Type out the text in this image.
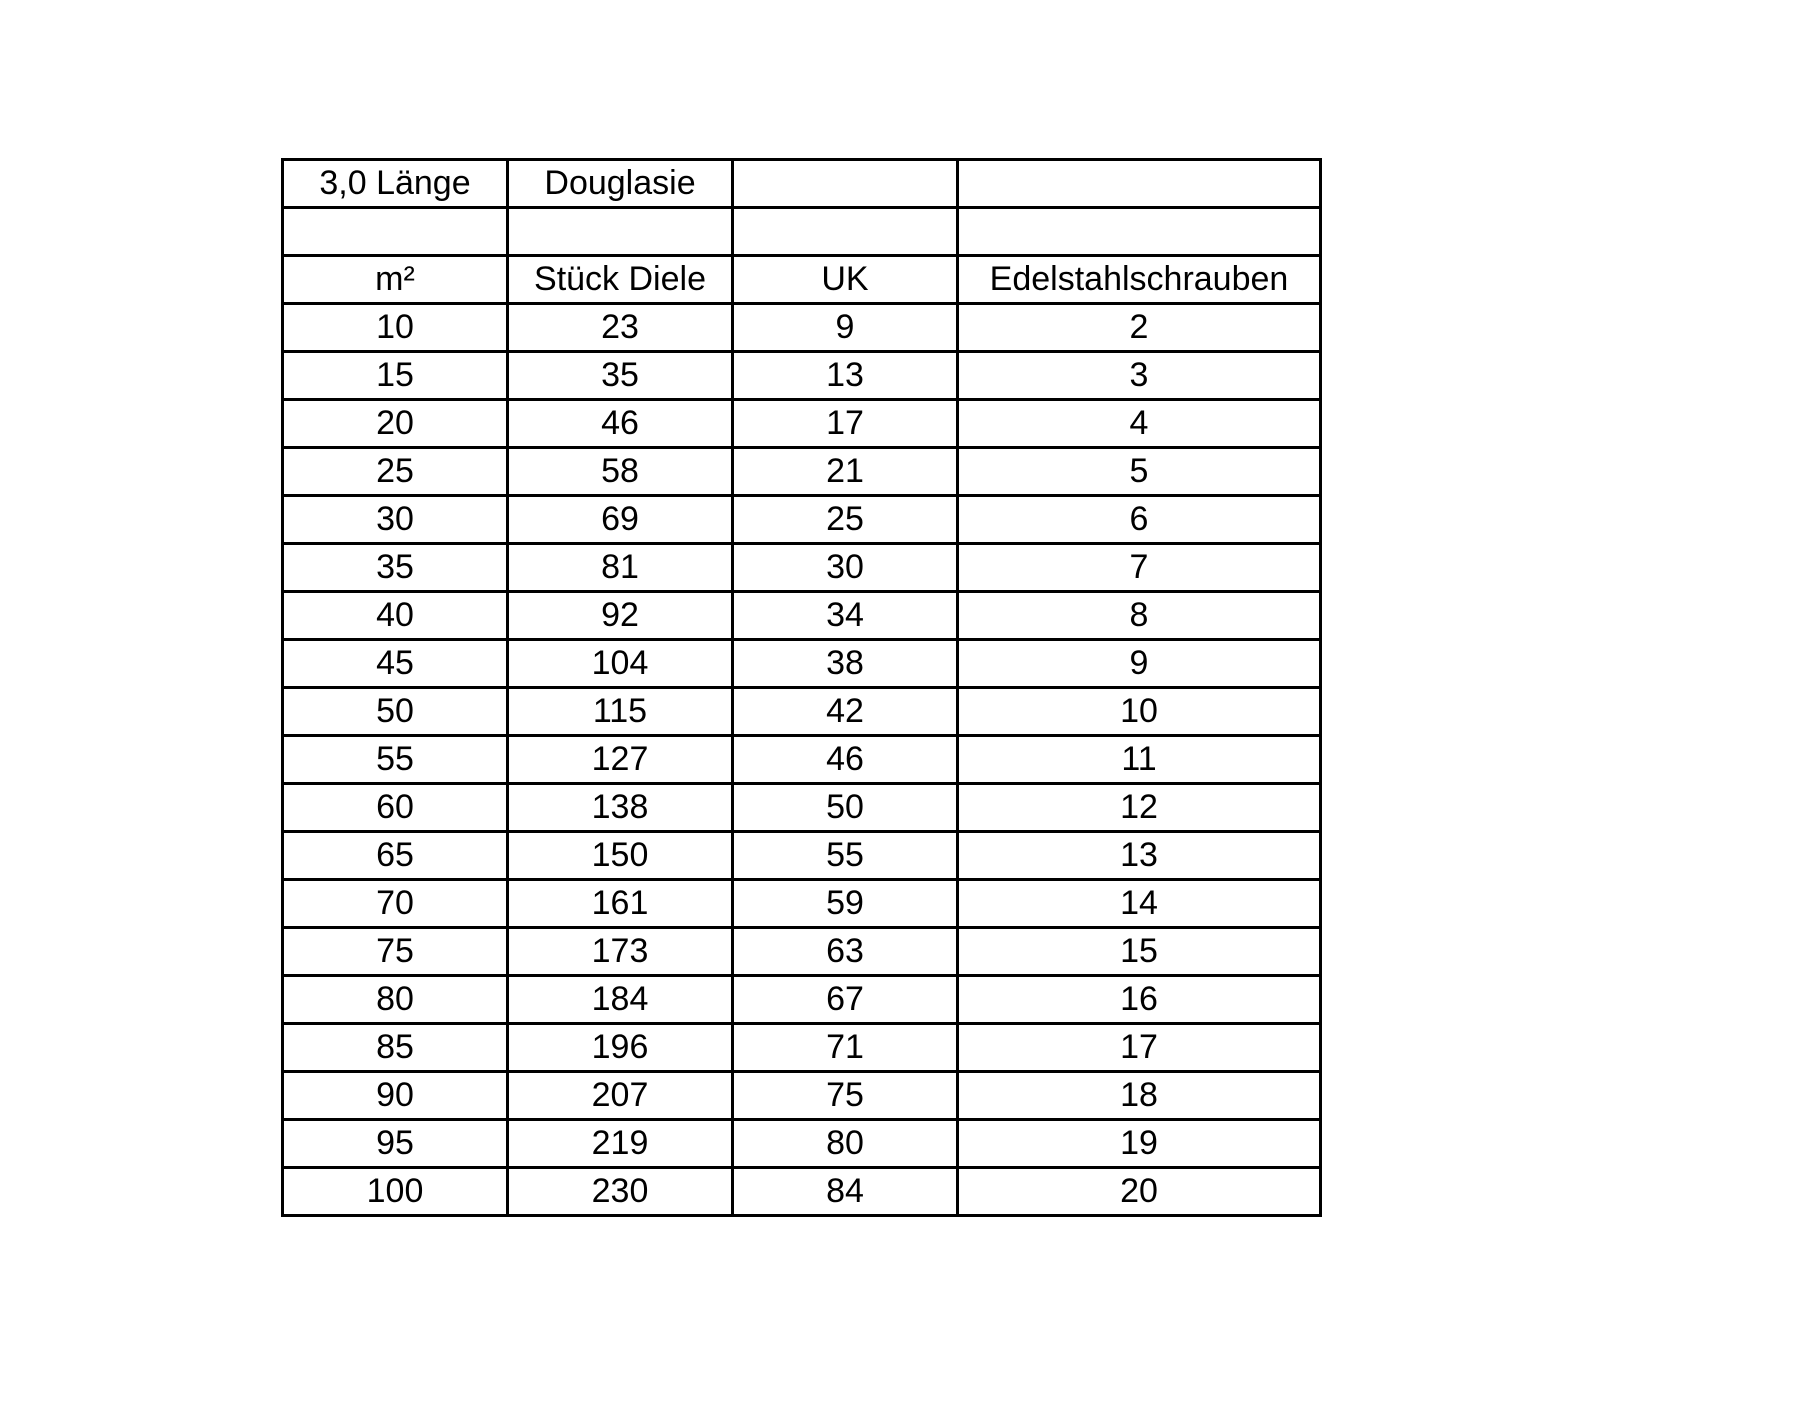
3,0 Länge	Douglasie		

m²	Stück Diele	UK	Edelstahlschrauben
10	23	9	2
15	35	13	3
20	46	17	4
25	58	21	5
30	69	25	6
35	81	30	7
40	92	34	8
45	104	38	9
50	115	42	10
55	127	46	11
60	138	50	12
65	150	55	13
70	161	59	14
75	173	63	15
80	184	67	16
85	196	71	17
90	207	75	18
95	219	80	19
100	230	84	20
